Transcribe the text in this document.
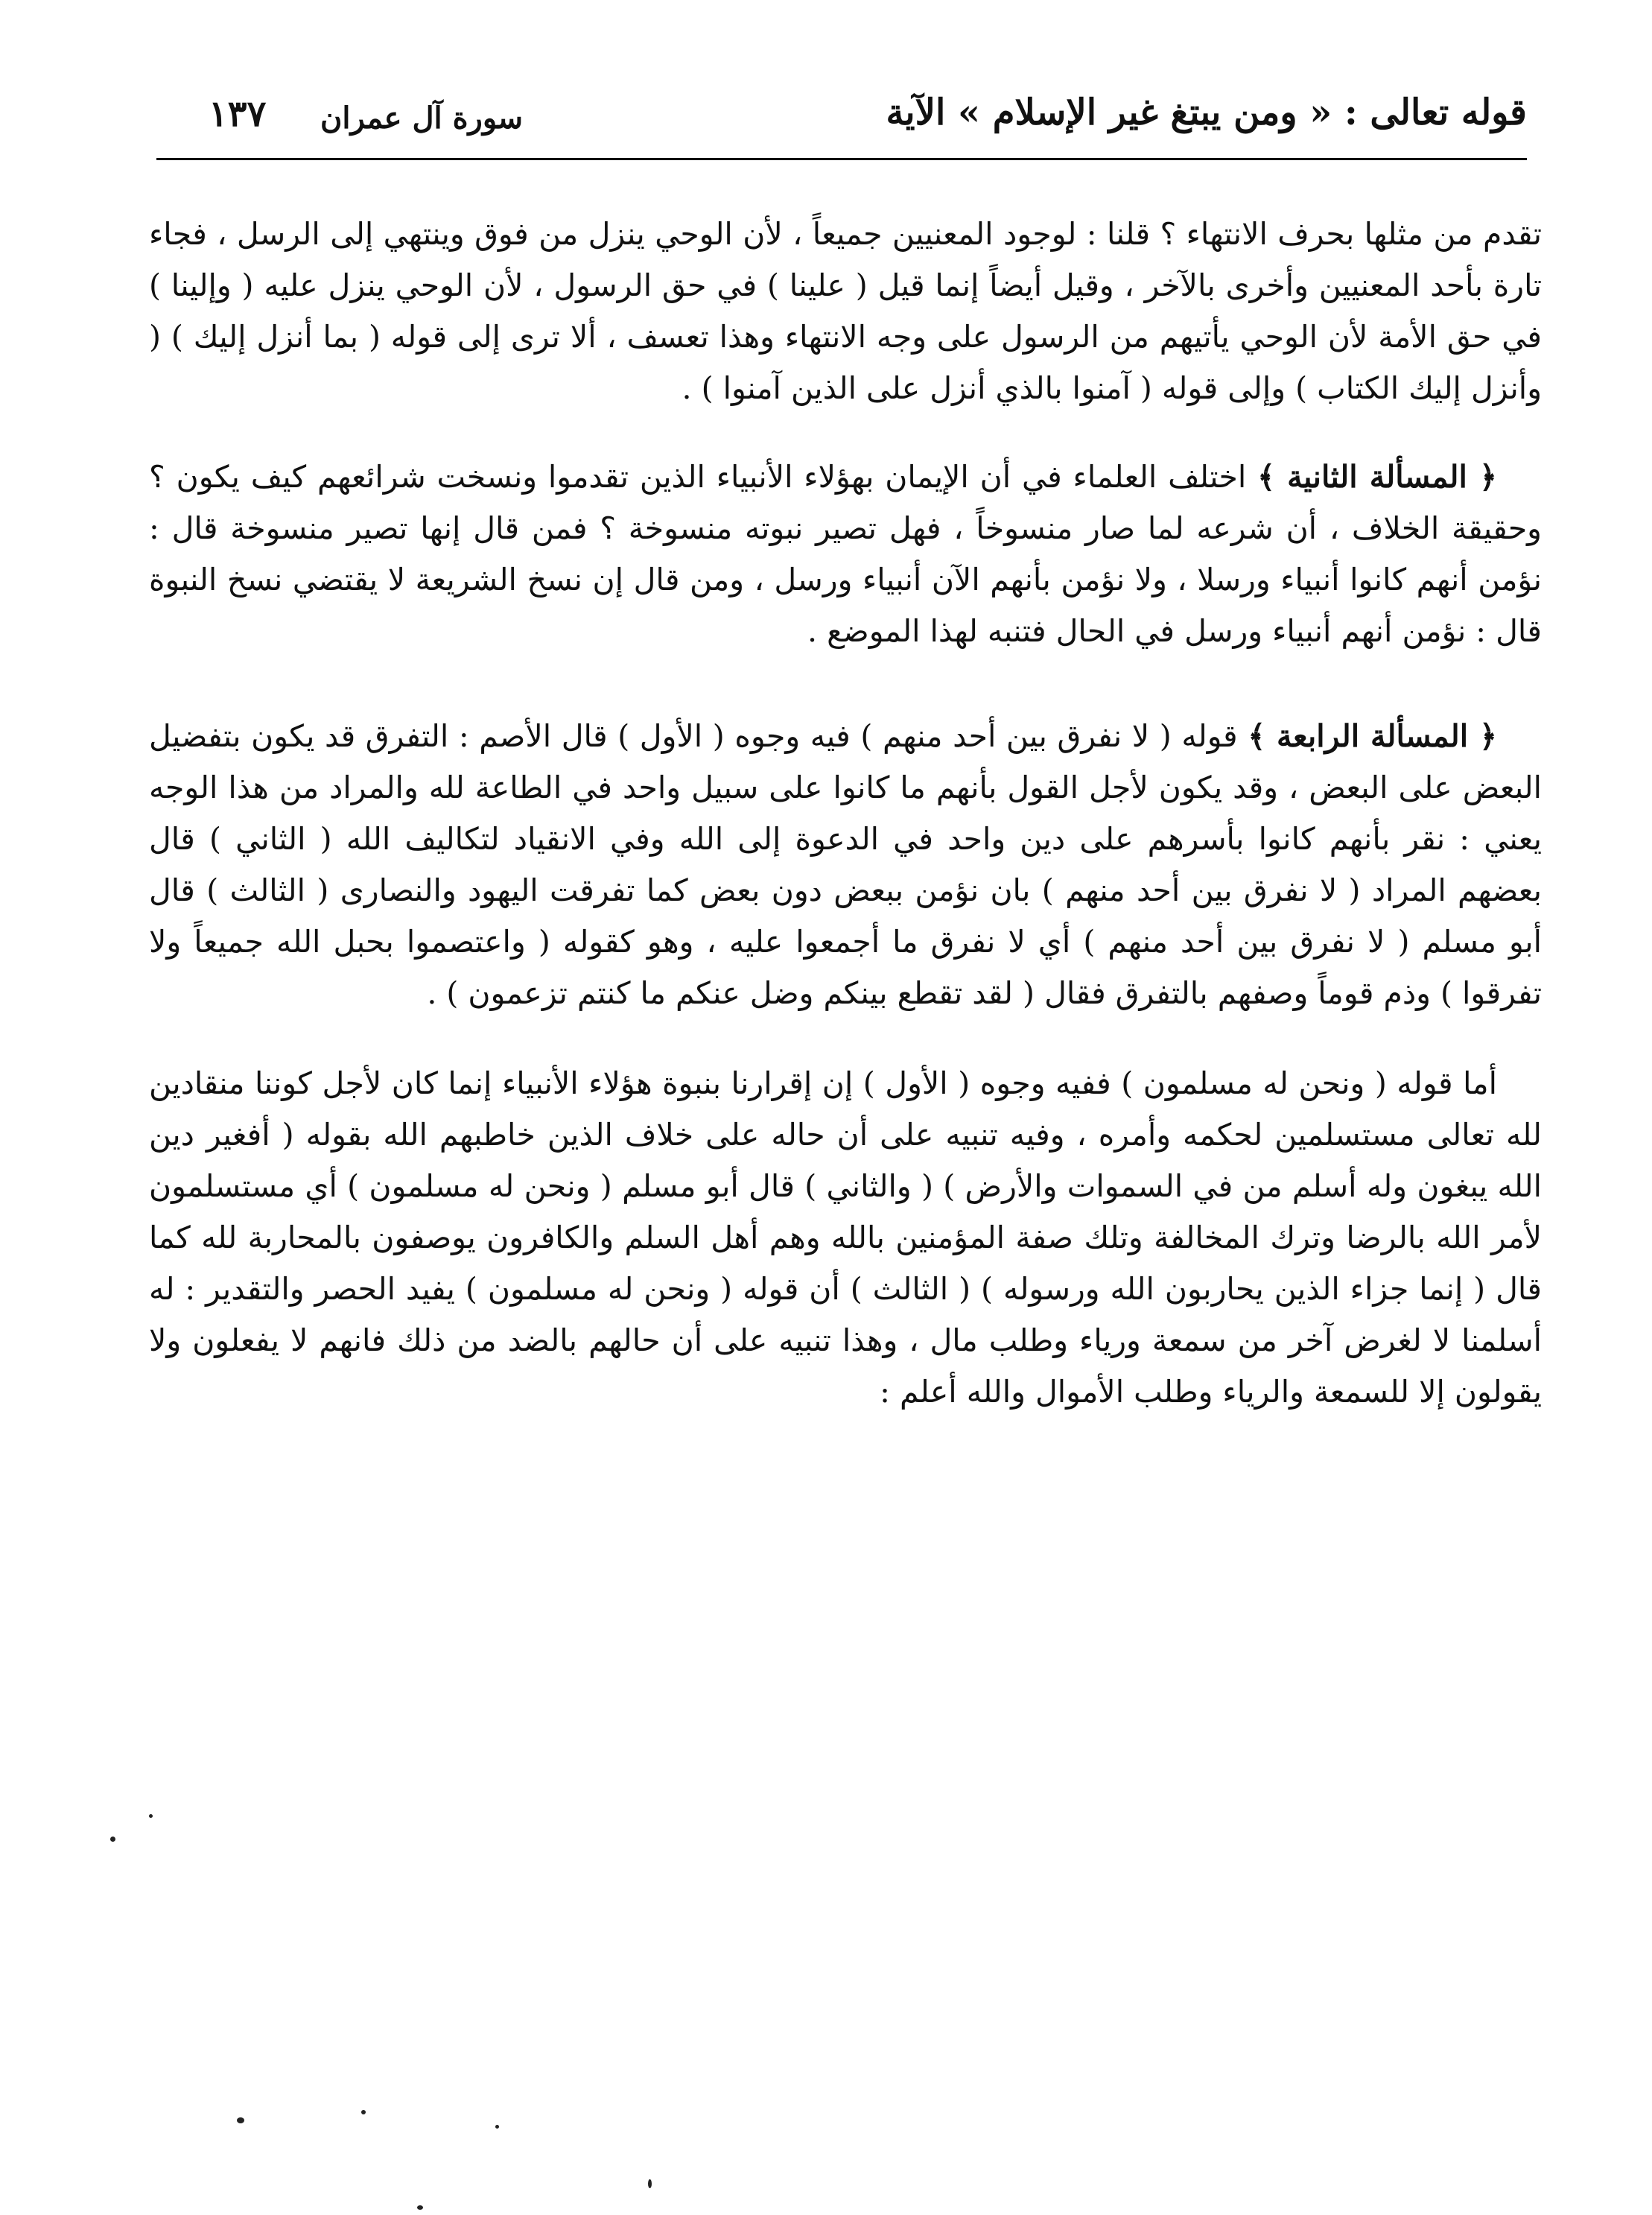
قوله تعالى : « ومن يبتغ غير الإسلام » الآية
سورة آل عمران
١٣٧

تقدم من مثلها بحرف الانتهاء ؟ قلنا : لوجود المعنيين جميعاً ، لأن الوحي ينزل من فوق وينتهي إلى الرسل ، فجاء تارة بأحد المعنيين وأخرى بالآخر ، وقيل أيضاً إنما قيل ( علينا ) في حق الرسول ، لأن الوحي ينزل عليه ( وإلينا ) في حق الأمة لأن الوحي يأتيهم من الرسول على وجه الانتهاء وهذا تعسف ، ألا ترى إلى قوله ( بما أنزل إليك ) ( وأنزل إليك الكتاب ) وإلى قوله ( آمنوا بالذي أنزل على الذين آمنوا ) .

﴿ المسألة الثانية ﴾ اختلف العلماء في أن الإيمان بهؤلاء الأنبياء الذين تقدموا ونسخت شرائعهم كيف يكون ؟ وحقيقة الخلاف ، أن شرعه لما صار منسوخاً ، فهل تصير نبوته منسوخة ؟ فمن قال إنها تصير منسوخة قال : نؤمن أنهم كانوا أنبياء ورسلا ، ولا نؤمن بأنهم الآن أنبياء ورسل ، ومن قال إن نسخ الشريعة لا يقتضي نسخ النبوة قال : نؤمن أنهم أنبياء ورسل في الحال فتنبه لهذا الموضع .

﴿ المسألة الرابعة ﴾ قوله ( لا نفرق بين أحد منهم ) فيه وجوه ( الأول ) قال الأصم : التفرق قد يكون بتفضيل البعض على البعض ، وقد يكون لأجل القول بأنهم ما كانوا على سبيل واحد في الطاعة لله والمراد من هذا الوجه يعني : نقر بأنهم كانوا بأسرهم على دين واحد في الدعوة إلى الله وفي الانقياد لتكاليف الله ( الثاني ) قال بعضهم المراد ( لا نفرق بين أحد منهم ) بان نؤمن ببعض دون بعض كما تفرقت اليهود والنصارى ( الثالث ) قال أبو مسلم ( لا نفرق بين أحد منهم ) أي لا نفرق ما أجمعوا عليه ، وهو كقوله ( واعتصموا بحبل الله جميعاً ولا تفرقوا ) وذم قوماً وصفهم بالتفرق فقال ( لقد تقطع بينكم وضل عنكم ما كنتم تزعمون ) .

أما قوله ( ونحن له مسلمون ) ففيه وجوه ( الأول ) إن إقرارنا بنبوة هؤلاء الأنبياء إنما كان لأجل كوننا منقادين لله تعالى مستسلمين لحكمه وأمره ، وفيه تنبيه على أن حاله على خلاف الذين خاطبهم الله بقوله ( أفغير دين الله يبغون وله أسلم من في السموات والأرض ) ( والثاني ) قال أبو مسلم ( ونحن له مسلمون ) أي مستسلمون لأمر الله بالرضا وترك المخالفة وتلك صفة المؤمنين بالله وهم أهل السلم والكافرون يوصفون بالمحاربة لله كما قال ( إنما جزاء الذين يحاربون الله ورسوله ) ( الثالث ) أن قوله ( ونحن له مسلمون ) يفيد الحصر والتقدير : له أسلمنا لا لغرض آخر من سمعة ورياء وطلب مال ، وهذا تنبيه على أن حالهم بالضد من ذلك فانهم لا يفعلون ولا يقولون إلا للسمعة والرياء وطلب الأموال والله أعلم :
